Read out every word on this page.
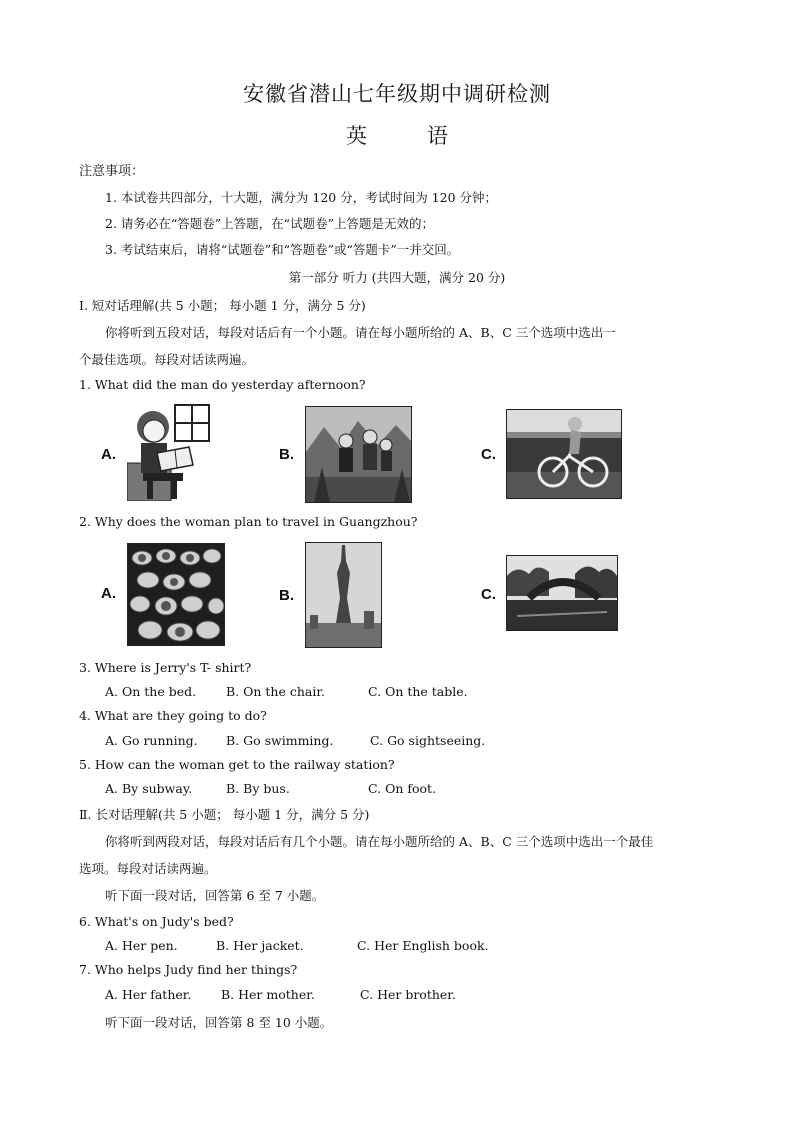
安徽省潜山七年级期中调研检测
英	语
注意事项：
1. 本试卷共四部分，十大题，满分为 120 分，考试时间为 120 分钟；
2. 请务必在“答题卷”上答题，在“试题卷”上答题是无效的；
3. 考试结束后，请将“试题卷”和“答题卷”或“答题卡”一并交回。
第一部分 听力 (共四大题，满分 20 分)
Ⅰ. 短对话理解(共 5 小题； 每小题 1 分，满分 5 分)
你将听到五段对话，每段对话后有一个小题。请在每小题所给的 A、B、C 三个选项中选出一
个最佳选项。每段对话读两遍。
1. What did the man do yesterday afternoon?
A.	B.	C.
2. Why does the woman plan to travel in Guangzhou?
A.	B.	C.
3. Where is Jerry's T- shirt?
A. On the bed. B. On the chair.	C. On the table.
4. What are they going to do?
A. Go running. B. Go swimming.	C. Go sightseeing.
5. How can the woman get to the railway station?
A. By subway.	B. By bus.	C. On foot.
Ⅱ. 长对话理解(共 5 小题； 每小题 1 分，满分 5 分)
你将听到两段对话，每段对话后有几个小题。请在每小题所给的 A、B、C 三个选项中选出一个最佳
选项。每段对话读两遍。
听下面一段对话，回答第 6 至 7 小题。
6. What's on Judy's bed?
A. Her pen.	B. Her jacket.	C. Her English book.
7. Who helps Judy find her things?
A. Her father. B. Her mother.	C. Her brother.
听下面一段对话，回答第 8 至 10 小题。
